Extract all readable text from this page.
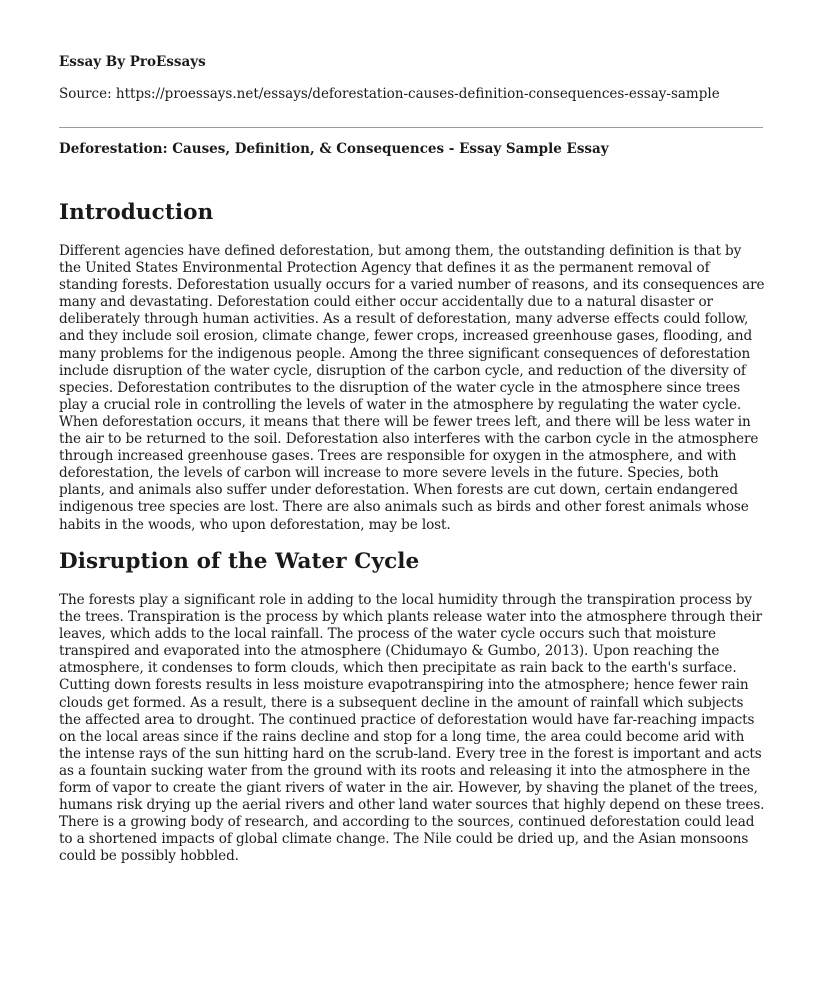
Essay By ProEssays
Source: https://proessays.net/essays/deforestation-causes-definition-consequences-essay-sample
Deforestation: Causes, Definition, & Consequences - Essay Sample Essay
Introduction

Different agencies have defined deforestation, but among them, the outstanding definition is that by the United States Environmental Protection Agency that defines it as the permanent removal of standing forests. Deforestation usually occurs for a varied number of reasons, and its consequences are many and devastating. Deforestation could either occur accidentally due to a natural disaster or deliberately through human activities. As a result of deforestation, many adverse effects could follow, and they include soil erosion, climate change, fewer crops, increased greenhouse gases, flooding, and many problems for the indigenous people. Among the three significant consequences of deforestation include disruption of the water cycle, disruption of the carbon cycle, and reduction of the diversity of species. Deforestation contributes to the disruption of the water cycle in the atmosphere since trees play a crucial role in controlling the levels of water in the atmosphere by regulating the water cycle. When deforestation occurs, it means that there will be fewer trees left, and there will be less water in the air to be returned to the soil. Deforestation also interferes with the carbon cycle in the atmosphere through increased greenhouse gases. Trees are responsible for oxygen in the atmosphere, and with deforestation, the levels of carbon will increase to more severe levels in the future. Species, both plants, and animals also suffer under deforestation. When forests are cut down, certain endangered indigenous tree species are lost. There are also animals such as birds and other forest animals whose habits in the woods, who upon deforestation, may be lost.

Disruption of the Water Cycle

The forests play a significant role in adding to the local humidity through the transpiration process by the trees. Transpiration is the process by which plants release water into the atmosphere through their leaves, which adds to the local rainfall. The process of the water cycle occurs such that moisture transpired and evaporated into the atmosphere (Chidumayo & Gumbo, 2013). Upon reaching the atmosphere, it condenses to form clouds, which then precipitate as rain back to the earth's surface. Cutting down forests results in less moisture evapotranspiring into the atmosphere; hence fewer rain clouds get formed. As a result, there is a subsequent decline in the amount of rainfall which subjects the affected area to drought. The continued practice of deforestation would have far-reaching impacts on the local areas since if the rains decline and stop for a long time, the area could become arid with the intense rays of the sun hitting hard on the scrub-land. Every tree in the forest is important and acts as a fountain sucking water from the ground with its roots and releasing it into the atmosphere in the form of vapor to create the giant rivers of water in the air. However, by shaving the planet of the trees, humans risk drying up the aerial rivers and other land water sources that highly depend on these trees. There is a growing body of research, and according to the sources, continued deforestation could lead to a shortened impacts of global climate change. The Nile could be dried up, and the Asian monsoons could be possibly hobbled.
